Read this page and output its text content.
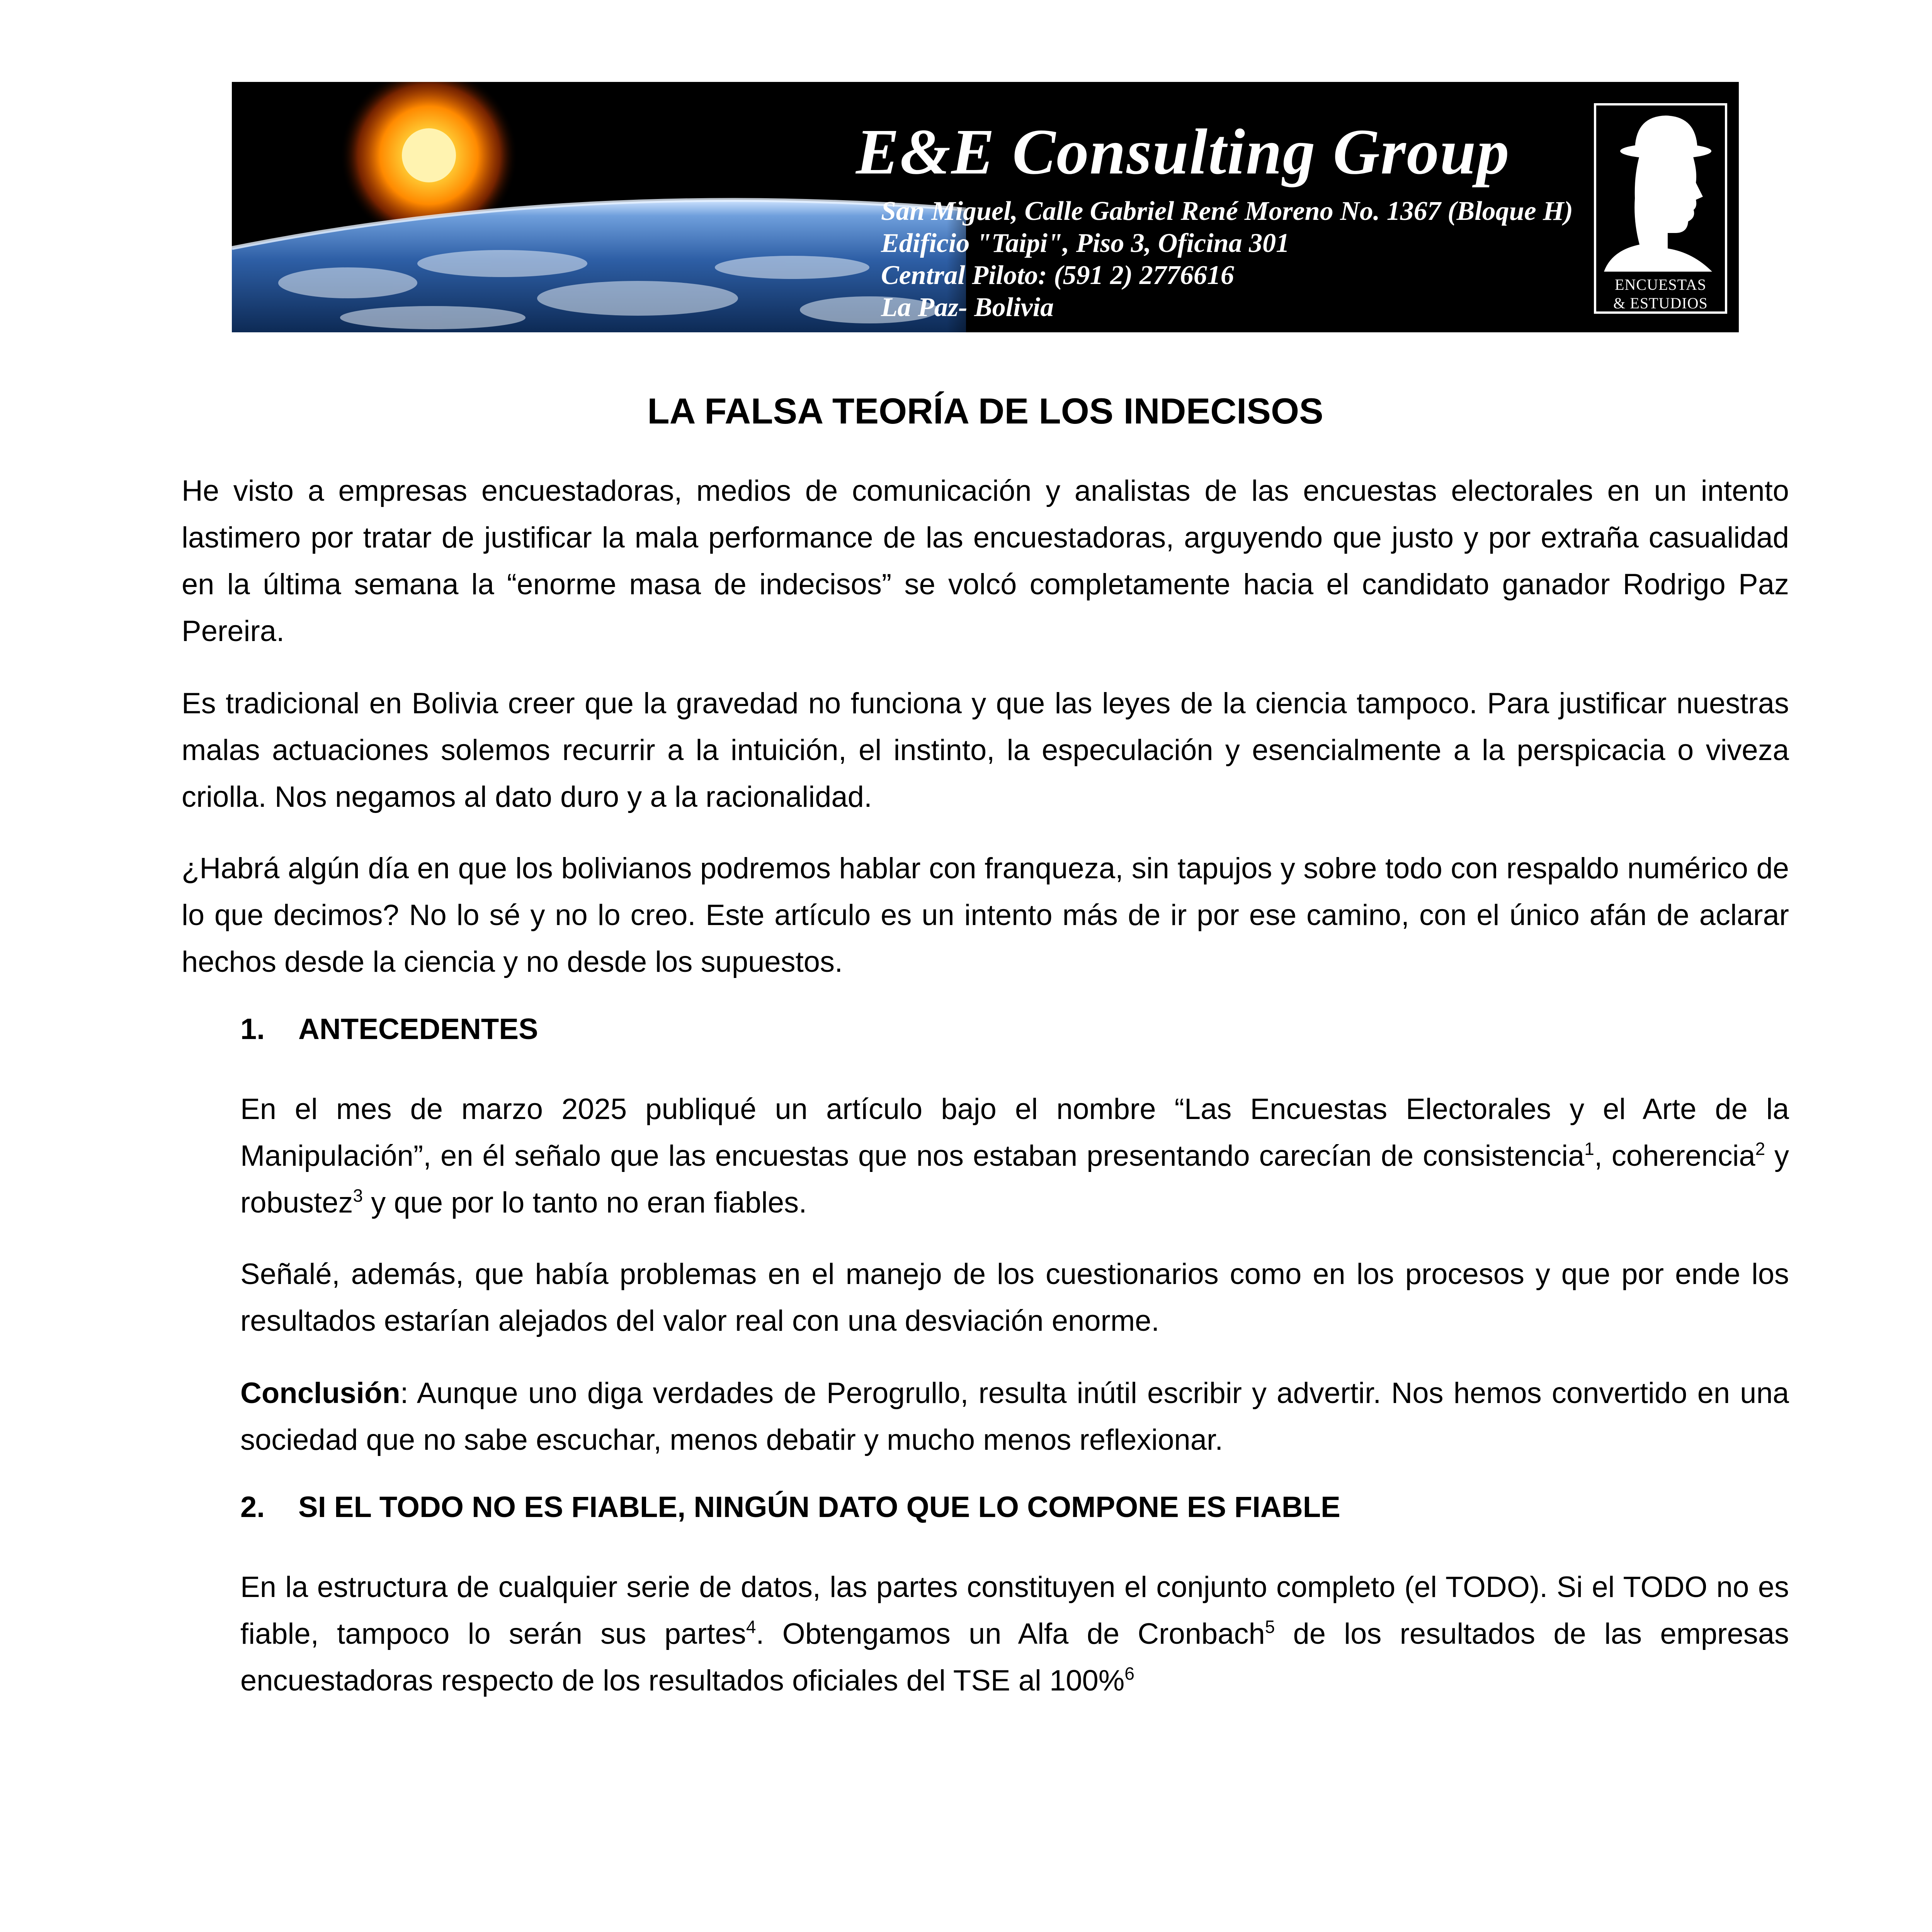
E&E Consulting Group
San Miguel, Calle Gabriel René Moreno No. 1367 (Bloque H)
Edificio "Taipi", Piso 3, Oficina 301
Central Piloto: (591 2) 2776616
La Paz- Bolivia
ENCUESTAS
& ESTUDIOS
LA FALSA TEORÍA DE LOS INDECISOS

He visto a empresas encuestadoras, medios de comunicación y analistas de las encuestas electorales en un intento lastimero por tratar de justificar la mala performance de las encuestadoras, arguyendo que justo y por extraña casualidad en la última semana la “enorme masa de indecisos” se volcó completamente hacia el candidato ganador Rodrigo Paz Pereira.

Es tradicional en Bolivia creer que la gravedad no funciona y que las leyes de la ciencia tampoco. Para justificar nuestras malas actuaciones solemos recurrir a la intuición, el instinto, la especulación y esencialmente a la perspicacia o viveza criolla. Nos negamos al dato duro y a la racionalidad.

¿Habrá algún día en que los bolivianos podremos hablar con franqueza, sin tapujos y sobre todo con respaldo numérico de lo que decimos? No lo sé y no lo creo. Este artículo es un intento más de ir por ese camino, con el único afán de aclarar hechos desde la ciencia y no desde los supuestos.

1. ANTECEDENTES

En el mes de marzo 2025 publiqué un artículo bajo el nombre “Las Encuestas Electorales y el Arte de la Manipulación”, en él señalo que las encuestas que nos estaban presentando carecían de consistencia$^1$, coherencia$^2$ y robustez$^3$ y que por lo tanto no eran fiables.

Señalé, además, que había problemas en el manejo de los cuestionarios como en los procesos y que por ende los resultados estarían alejados del valor real con una desviación enorme.

Conclusión: Aunque uno diga verdades de Perogrullo, resulta inútil escribir y advertir. Nos hemos convertido en una sociedad que no sabe escuchar, menos debatir y mucho menos reflexionar.

2. SI EL TODO NO ES FIABLE, NINGÚN DATO QUE LO COMPONE ES FIABLE

En la estructura de cualquier serie de datos, las partes constituyen el conjunto completo (el TODO). Si el TODO no es fiable, tampoco lo serán sus partes$^4$. Obtengamos un Alfa de Cronbach$^5$ de los resultados de las empresas encuestadoras respecto de los resultados oficiales del TSE al 100%$^6$
